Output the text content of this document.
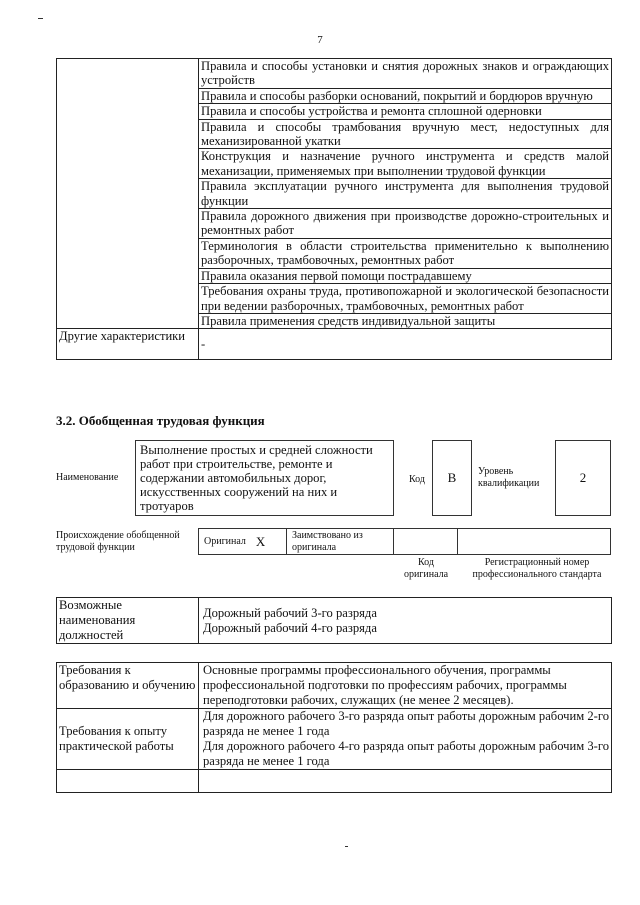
7
	Правила и способы установки и снятия дорожных знаков и ограждающих устройств
	Правила и способы разборки оснований, покрытий и бордюров вручную
	Правила и способы устройства и ремонта сплошной одерновки
	Правила и способы трамбования вручную мест, недоступных для механизированной укатки
	Конструкция и назначение ручного инструмента и средств малой механизации, применяемых при выполнении трудовой функции
	Правила эксплуатации ручного инструмента для выполнения трудовой функции
	Правила дорожного движения при производстве дорожно-строительных и ремонтных работ
	Терминология в области строительства применительно к выполнению разборочных, трамбовочных, ремонтных работ
	Правила оказания первой помощи пострадавшему
	Требования охраны труда, противопожарной и экологической безопасности при ведении разборочных, трамбовочных, ремонтных работ
	Правила применения средств индивидуальной защиты
Другие характеристики	-
3.2. Обобщенная трудовая функция
Наименование
Выполнение простых и средней сложности работ при строительстве, ремонте и содержании автомобильных дорог, искусственных сооружений на них и тротуаров
Код	B	Уровень квалификации	2
Происхождение обобщенной трудовой функции
Оригинал X	Заимствовано из оригинала
Код оригинала
Регистрационный номер профессионального стандарта
Возможные наименования должностей	
Дорожный рабочий 3-го разряда
Дорожный рабочий 4-го разряда
Требования к образованию и обучению	Основные программы профессионального обучения, программы профессиональной подготовки по профессиям рабочих, программы переподготовки рабочих, служащих (не менее 2 месяцев).
Требования к опыту практической работы	Для дорожного рабочего 3-го разряда опыт работы дорожным рабочим 2-го разряда не менее 1 года
Для дорожного рабочего 4-го разряда опыт работы дорожным рабочим 3-го разряда не менее 1 года
